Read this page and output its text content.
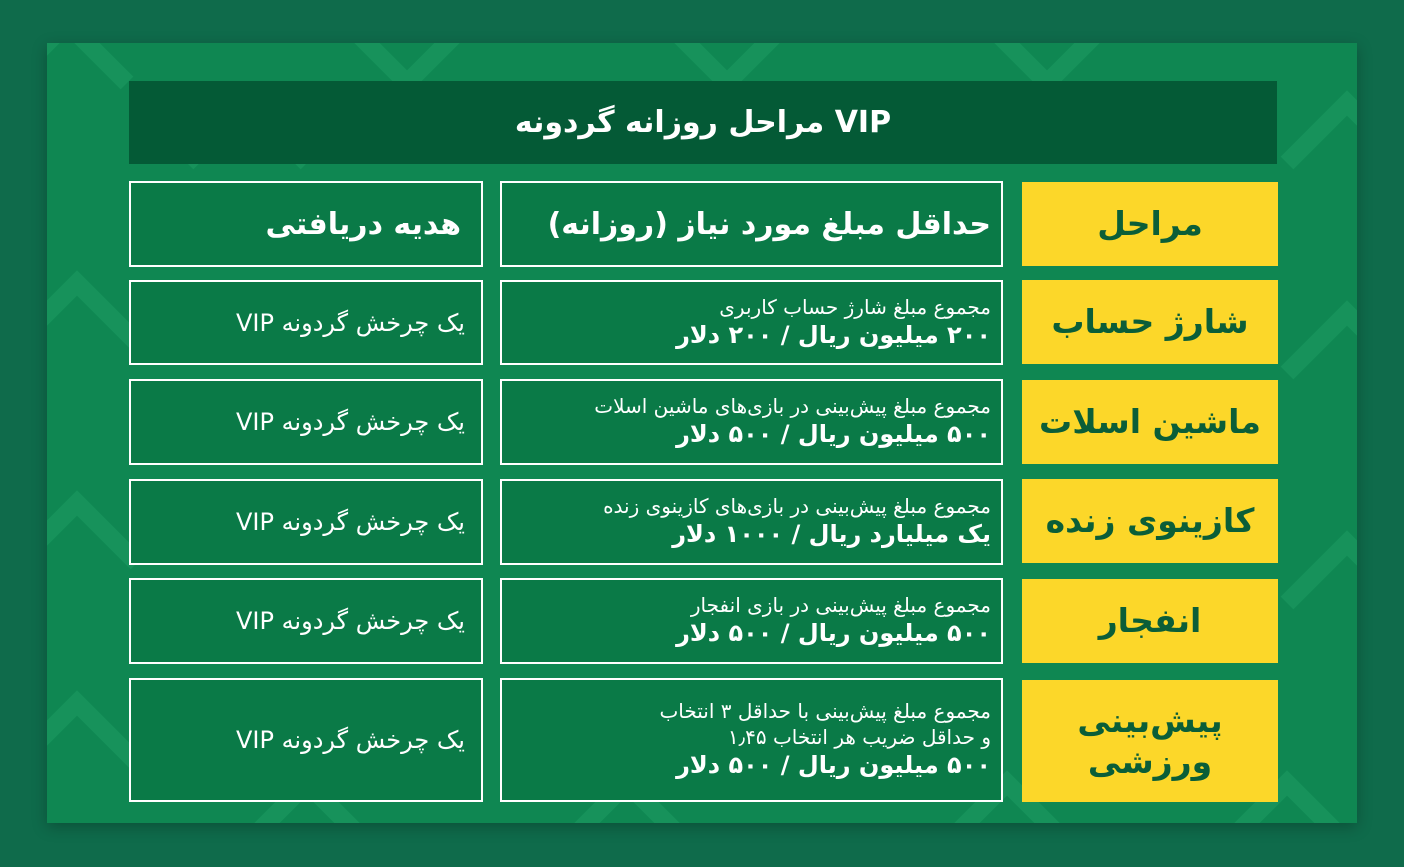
مراحل روزانه گردونه VIP
مراحل
حداقل مبلغ مورد نیاز (روزانه)
هدیه دریافتی
شارژ حساب
مجموع مبلغ شارژ حساب کاربری
۲۰۰ میلیون ریال / ۲۰۰ دلار
یک چرخش گردونه VIP
ماشین اسلات
مجموع مبلغ پیش‌بینی در بازی‌های ماشین اسلات
۵۰۰ میلیون ریال / ۵۰۰ دلار
یک چرخش گردونه VIP
کازینوی زنده
مجموع مبلغ پیش‌بینی در بازی‌های کازینوی زنده
یک میلیارد ریال / ۱۰۰۰ دلار
یک چرخش گردونه VIP
انفجار
مجموع مبلغ پیش‌بینی در بازی انفجار
۵۰۰ میلیون ریال / ۵۰۰ دلار
یک چرخش گردونه VIP
پیش‌بینی ورزشی
مجموع مبلغ پیش‌بینی با حداقل ۳ انتخاب
و حداقل ضریب هر انتخاب ۱٫۴۵
۵۰۰ میلیون ریال / ۵۰۰ دلار
یک چرخش گردونه VIP
